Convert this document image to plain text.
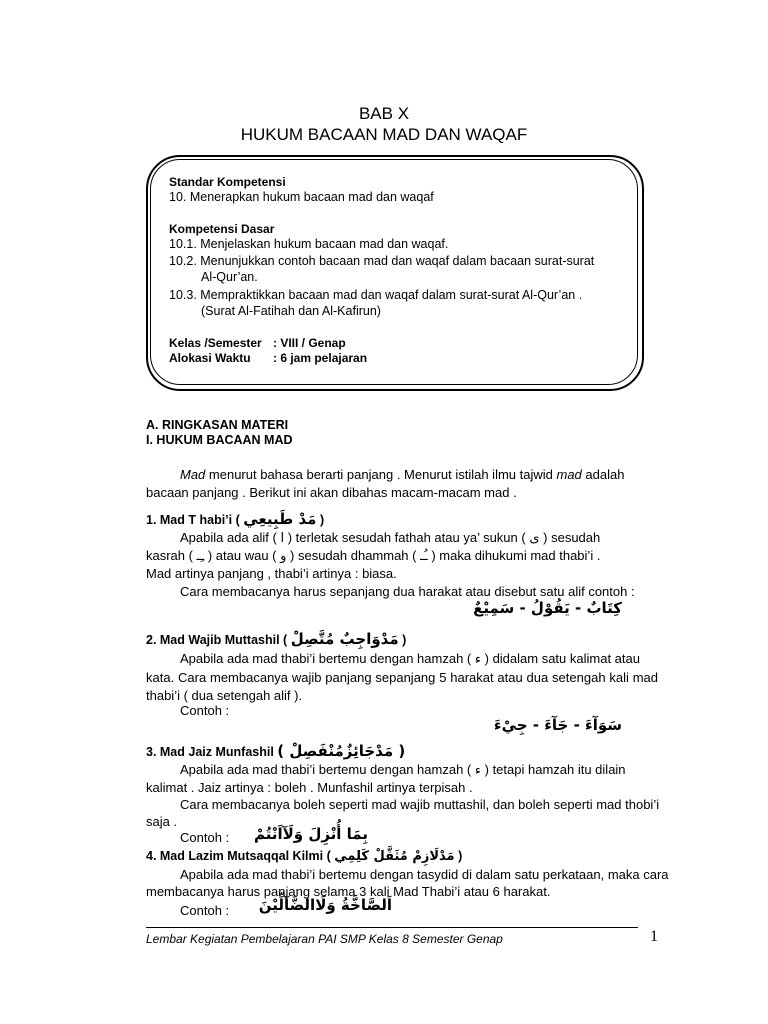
BAB X
HUKUM BACAAN MAD DAN WAQAF
Standar Kompetensi
10. Menerapkan hukum bacaan mad dan waqaf
Kompetensi Dasar
10.1. Menjelaskan hukum bacaan mad dan waqaf.
10.2. Menunjukkan contoh bacaan mad dan waqaf dalam bacaan surat-surat
Al-Qur’an.
10.3. Mempraktikkan bacaan mad dan waqaf dalam surat-surat Al-Qur’an .
(Surat Al-Fatihah dan Al-Kafirun)
Kelas /Semester : VIII / Genap
Alokasi Waktu : 6 jam pelajaran
A. RINGKASAN MATERI
I. HUKUM BACAAN MAD
Mad menurut bahasa berarti panjang . Menurut istilah ilmu tajwid mad adalah
bacaan panjang . Berikut ini akan dibahas macam-macam mad .
1. Mad T habi’i ( مَدْ طَبِيعِي )
Apabila ada alif ( ا ) terletak sesudah fathah atau ya’ sukun ( ى ) sesudah
kasrah ( ـِـ ) atau wau ( و ) sesudah dhammah ( ـُـ ) maka dihukumi mad thabi’i .
Mad artinya panjang , thabi’i artinya : biasa.
Cara membacanya harus sepanjang dua harakat atau disebut satu alif contoh :
كِتَابٌ - يَقُوْلُ - سَمِيْعٌ
2. Mad Wajib Muttashil ( مَدْوَاجِبٌ مُتَّصِلْ )
Apabila ada mad thabi’i bertemu dengan hamzah ( ء ) didalam satu kalimat atau
kata. Cara membacanya wajib panjang sepanjang 5 harakat atau dua setengah kali mad thabi’i ( dua setengah alif ).
Contoh :
سَوَآءَ - جَآءَ - جِيْءَ
3. Mad Jaiz Munfashil ( مَدْجَائِزٌمُنْفَصِلْ )
Apabila ada mad thabi’i bertemu dengan hamzah ( ء ) tetapi hamzah itu dilain
kalimat . Jaiz artinya : boleh . Munfashil artinya terpisah .
Cara membacanya boleh seperti mad wajib muttashil, dan boleh seperti mad thobi’i
saja .
Contoh : بِمَا أُنْزِلَ وَلَآاَنْتُمْ
4. Mad Lazim Mutsaqqal Kilmi ( مَدْلَازِمْ مُثَقَّلْ كَلِمِي )
Apabila ada mad thabi’i bertemu dengan tasydid di dalam satu perkataan, maka cara
membacanya harus panjang selama 3 kali Mad Thabi’i atau 6 harakat.
Contoh : اَلصَّاخَّةُ وَلَاالضَّآلِّيْنَ
Lembar Kegiatan Pembelajaran PAI SMP Kelas 8 Semester Genap	1
